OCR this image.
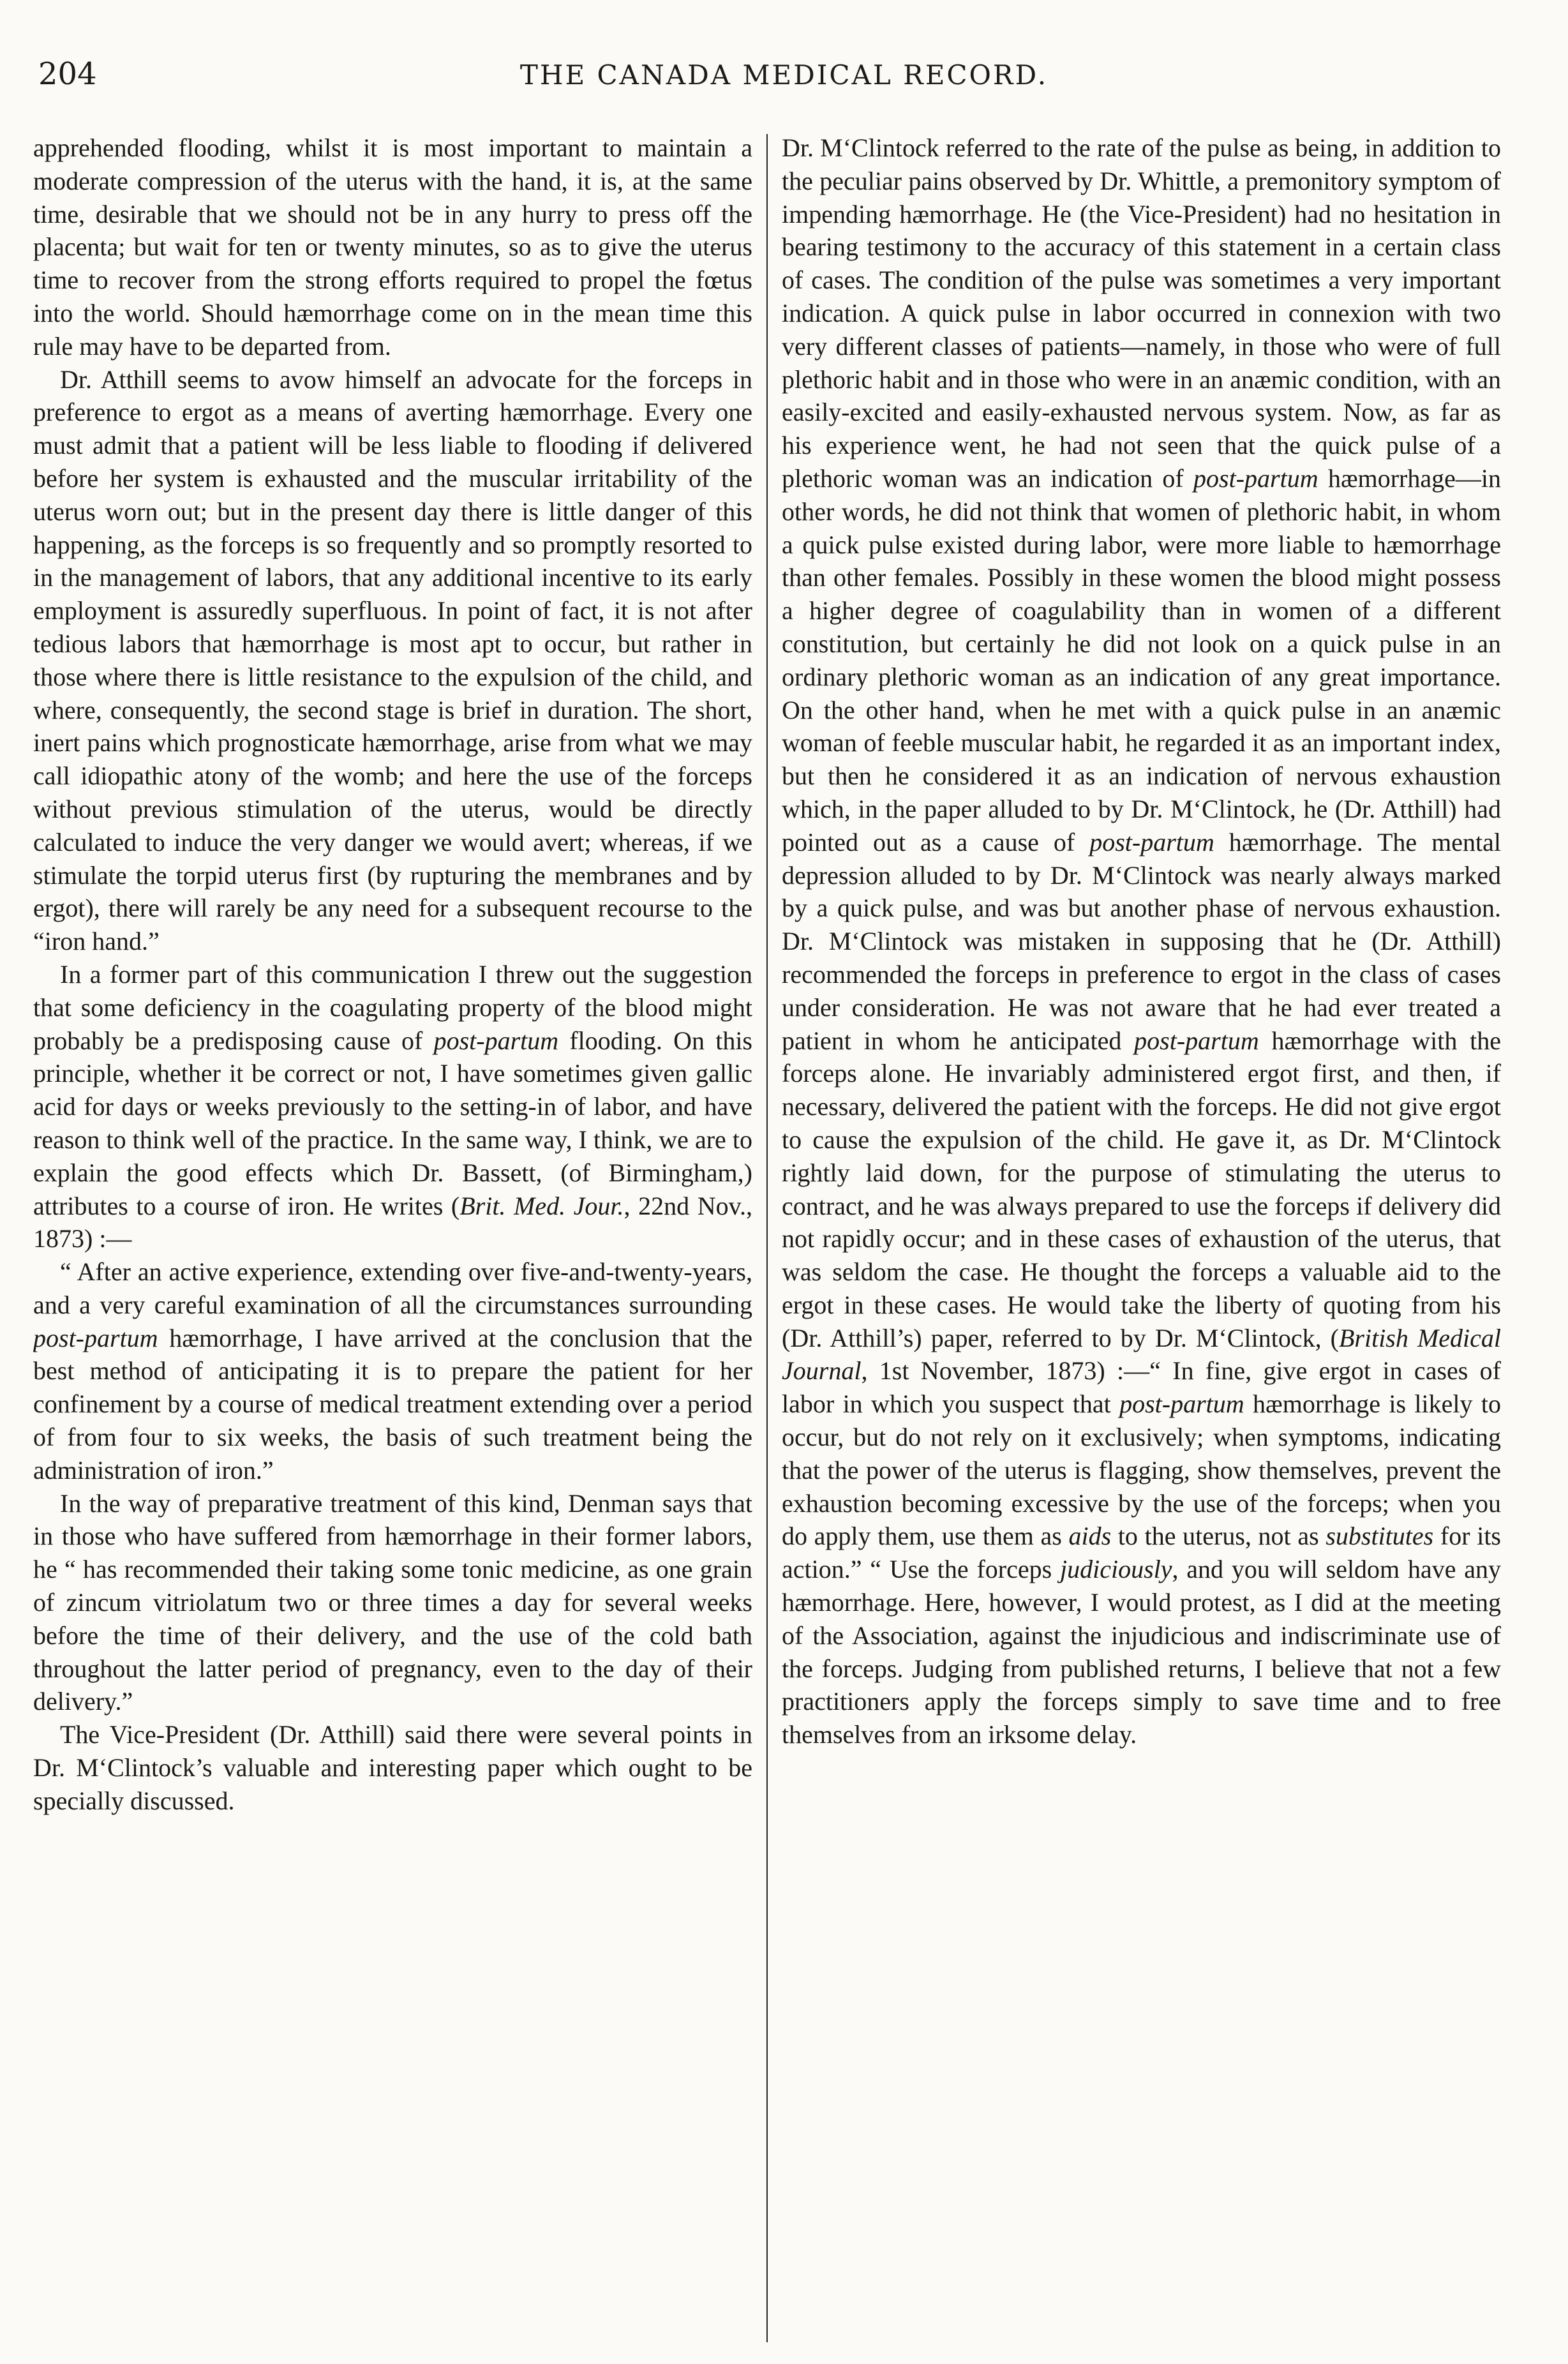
204	THE CANADA MEDICAL RECORD.

apprehended flooding, whilst it is most important to maintain a moderate compression of the uterus with the hand, it is, at the same time, desirable that we should not be in any hurry to press off the placenta; but wait for ten or twenty minutes, so as to give the uterus time to recover from the strong efforts required to propel the fœtus into the world. Should hæmorrhage come on in the mean time this rule may have to be departed from.

Dr. Atthill seems to avow himself an advocate for the forceps in preference to ergot as a means of averting hæmorrhage. Every one must admit that a patient will be less liable to flooding if delivered before her system is exhausted and the muscular irritability of the uterus worn out; but in the present day there is little danger of this happening, as the forceps is so frequently and so promptly resorted to in the management of labors, that any additional incentive to its early employment is assuredly superfluous. In point of fact, it is not after tedious labors that hæmorrhage is most apt to occur, but rather in those where there is little resistance to the expulsion of the child, and where, consequently, the second stage is brief in duration. The short, inert pains which prognosticate hæmorrhage, arise from what we may call idiopathic atony of the womb; and here the use of the forceps without previous stimulation of the uterus, would be directly calculated to induce the very danger we would avert; whereas, if we stimulate the torpid uterus first (by rupturing the membranes and by ergot), there will rarely be any need for a subsequent recourse to the “iron hand.”

In a former part of this communication I threw out the suggestion that some deficiency in the coagulating property of the blood might probably be a predisposing cause of post-partum flooding. On this principle, whether it be correct or not, I have sometimes given gallic acid for days or weeks previously to the setting-in of labor, and have reason to think well of the practice. In the same way, I think, we are to explain the good effects which Dr. Bassett, (of Birmingham,) attributes to a course of iron. He writes (Brit. Med. Jour., 22nd Nov., 1873) :—

“ After an active experience, extending over five-and-twenty-years, and a very careful examination of all the circumstances surrounding post-partum hæmorrhage, I have arrived at the conclusion that the best method of anticipating it is to prepare the patient for her confinement by a course of medical treatment extending over a period of from four to six weeks, the basis of such treatment being the administration of iron.”

In the way of preparative treatment of this kind, Denman says that in those who have suffered from hæmorrhage in their former labors, he “ has recommended their taking some tonic medicine, as one grain of zincum vitriolatum two or three times a day for several weeks before the time of their delivery, and the use of the cold bath throughout the latter period of pregnancy, even to the day of their delivery.”

The Vice-President (Dr. Atthill) said there were several points in Dr. M‘Clintock’s valuable and interesting paper which ought to be specially discussed.

Dr. M‘Clintock referred to the rate of the pulse as being, in addition to the peculiar pains observed by Dr. Whittle, a premonitory symptom of impending hæmorrhage. He (the Vice-President) had no hesitation in bearing testimony to the accuracy of this statement in a certain class of cases. The condition of the pulse was sometimes a very important indication. A quick pulse in labor occurred in connexion with two very different classes of patients—namely, in those who were of full plethoric habit and in those who were in an anæmic condition, with an easily-excited and easily-exhausted nervous system. Now, as far as his experience went, he had not seen that the quick pulse of a plethoric woman was an indication of post-partum hæmorrhage—in other words, he did not think that women of plethoric habit, in whom a quick pulse existed during labor, were more liable to hæmorrhage than other females. Possibly in these women the blood might possess a higher degree of coagulability than in women of a different constitution, but certainly he did not look on a quick pulse in an ordinary plethoric woman as an indication of any great importance. On the other hand, when he met with a quick pulse in an anæmic woman of feeble muscular habit, he regarded it as an important index, but then he considered it as an indication of nervous exhaustion which, in the paper alluded to by Dr. M‘Clintock, he (Dr. Atthill) had pointed out as a cause of post-partum hæmorrhage. The mental depression alluded to by Dr. M‘Clintock was nearly always marked by a quick pulse, and was but another phase of nervous exhaustion. Dr. M‘Clintock was mistaken in supposing that he (Dr. Atthill) recommended the forceps in preference to ergot in the class of cases under consideration. He was not aware that he had ever treated a patient in whom he anticipated post-partum hæmorrhage with the forceps alone. He invariably administered ergot first, and then, if necessary, delivered the patient with the forceps. He did not give ergot to cause the expulsion of the child. He gave it, as Dr. M‘Clintock rightly laid down, for the purpose of stimulating the uterus to contract, and he was always prepared to use the forceps if delivery did not rapidly occur; and in these cases of exhaustion of the uterus, that was seldom the case. He thought the forceps a valuable aid to the ergot in these cases. He would take the liberty of quoting from his (Dr. Atthill’s) paper, referred to by Dr. M‘Clintock, (British Medical Journal, 1st November, 1873) :—“ In fine, give ergot in cases of labor in which you suspect that post-partum hæmorrhage is likely to occur, but do not rely on it exclusively; when symptoms, indicating that the power of the uterus is flagging, show themselves, prevent the exhaustion becoming excessive by the use of the forceps; when you do apply them, use them as aids to the uterus, not as substitutes for its action.” “ Use the forceps judiciously, and you will seldom have any hæmorrhage. Here, however, I would protest, as I did at the meeting of the Association, against the injudicious and indiscriminate use of the forceps. Judging from published returns, I believe that not a few practitioners apply the forceps simply to save time and to free themselves from an irksome delay.
